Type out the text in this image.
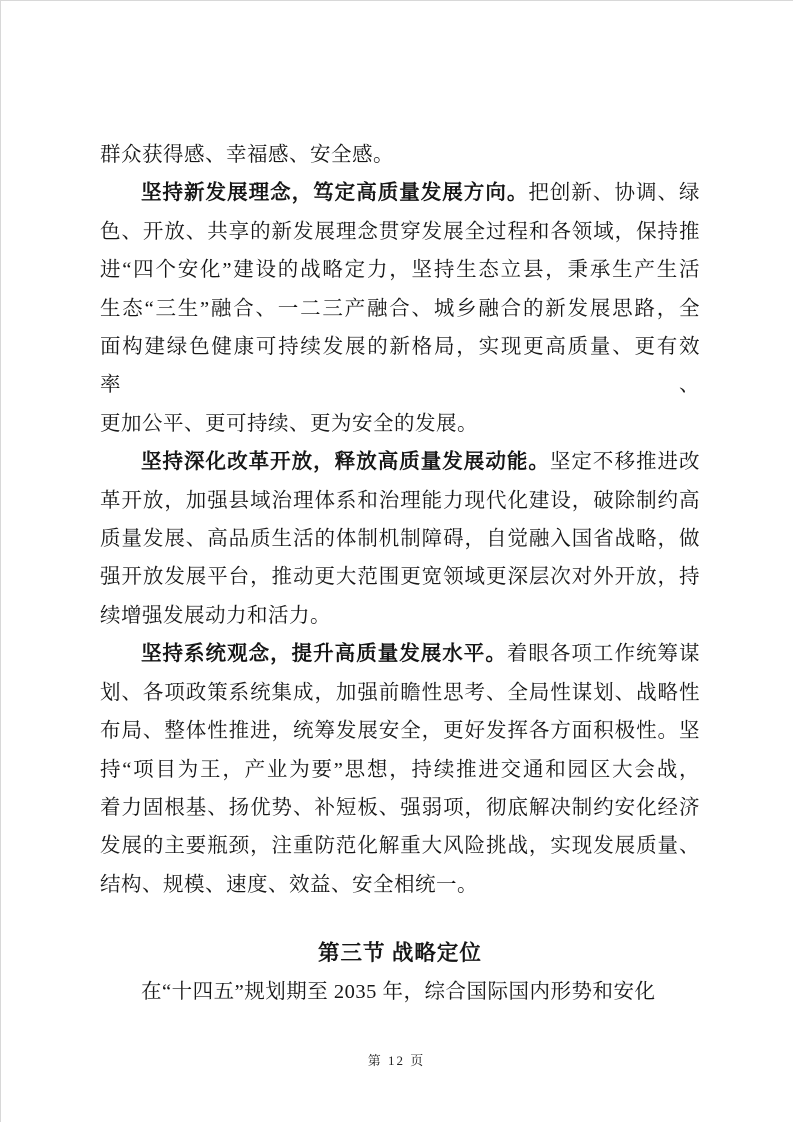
群众获得感、幸福感、安全感。
坚持新发展理念，笃定高质量发展方向。把创新、协调、绿
色、开放、共享的新发展理念贯穿发展全过程和各领域，保持推
进“四个安化”建设的战略定力，坚持生态立县，秉承生产生活
生态“三生”融合、一二三产融合、城乡融合的新发展思路，全
面构建绿色健康可持续发展的新格局，实现更高质量、更有效率、
更加公平、更可持续、更为安全的发展。
坚持深化改革开放，释放高质量发展动能。坚定不移推进改
革开放，加强县域治理体系和治理能力现代化建设，破除制约高
质量发展、高品质生活的体制机制障碍，自觉融入国省战略，做
强开放发展平台，推动更大范围更宽领域更深层次对外开放，持
续增强发展动力和活力。
坚持系统观念，提升高质量发展水平。着眼各项工作统筹谋
划、各项政策系统集成，加强前瞻性思考、全局性谋划、战略性
布局、整体性推进，统筹发展安全，更好发挥各方面积极性。坚
持“项目为王，产业为要”思想，持续推进交通和园区大会战，
着力固根基、扬优势、补短板、强弱项，彻底解决制约安化经济
发展的主要瓶颈，注重防范化解重大风险挑战，实现发展质量、
结构、规模、速度、效益、安全相统一。
第三节 战略定位
在“十四五”规划期至 2035 年，综合国际国内形势和安化
第 12 页
